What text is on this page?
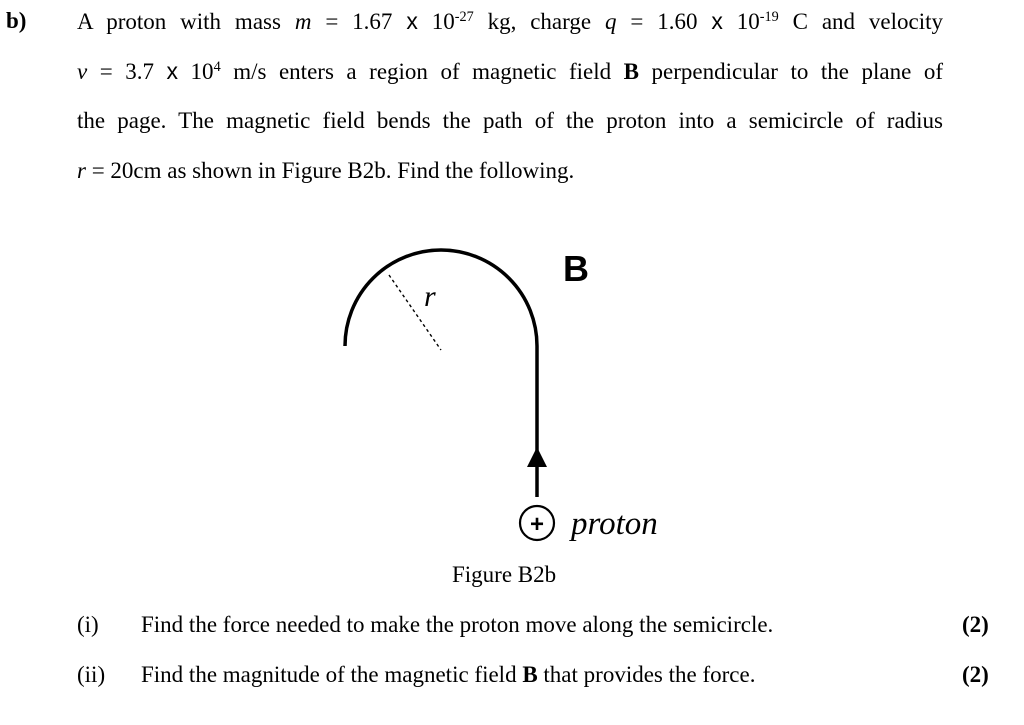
b) A proton with mass m = 1.67 x $10^{-27}$ kg, charge q = 1.60 x $10^{-19}$ C and velocity
v = 3.7 x $10^4$ m/s enters a region of magnetic field B perpendicular to the plane of
the page. The magnetic field bends the path of the proton into a semicircle of radius
r = 20cm as shown in Figure B2b. Find the following.
+
B
r
proton
Figure B2b
(i) Find the force needed to make the proton move along the semicircle.	(2)
(ii) Find the magnitude of the magnetic field B that provides the force.	(2)
